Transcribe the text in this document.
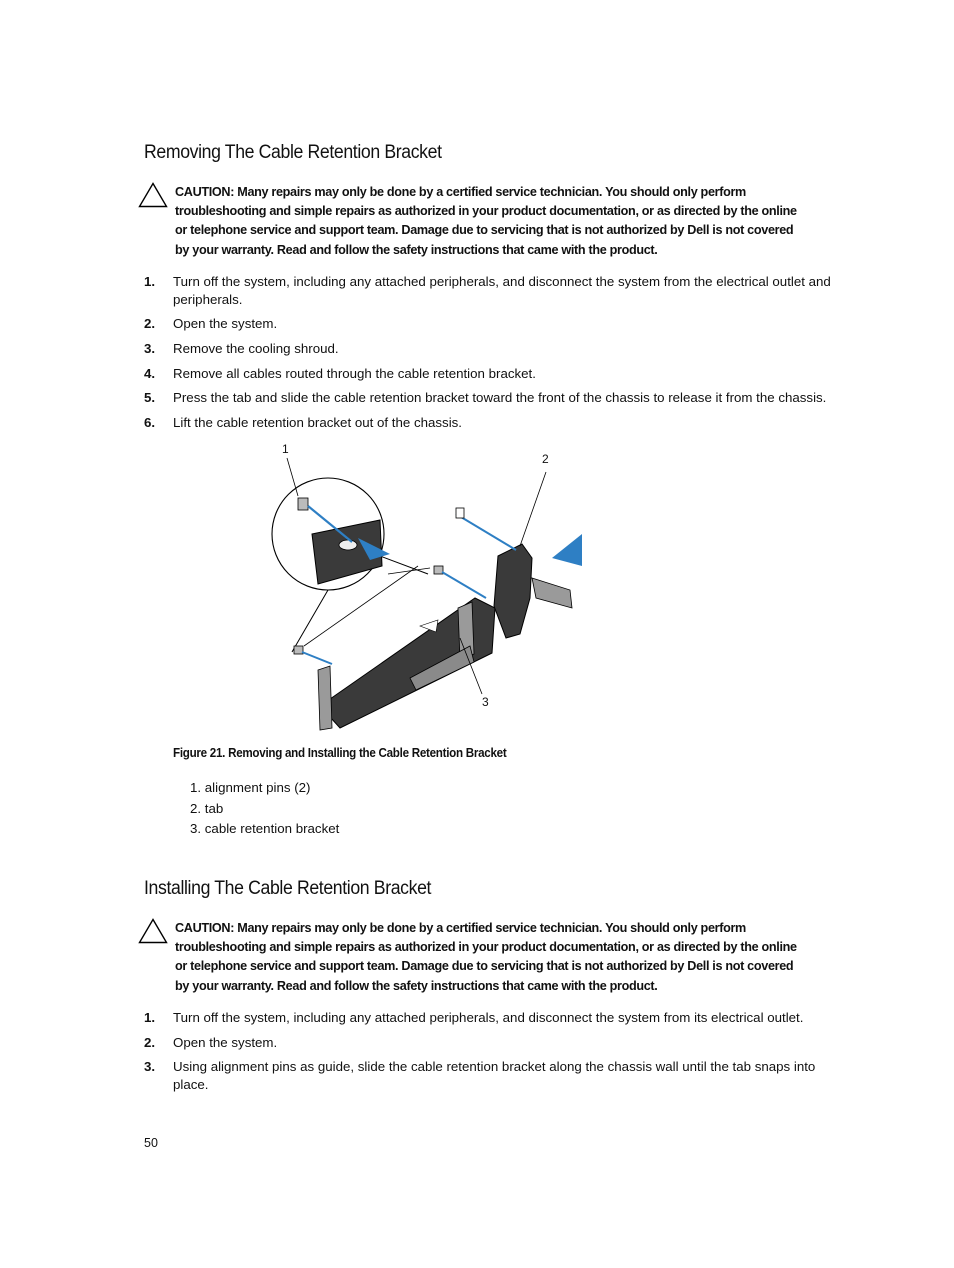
Removing The Cable Retention Bracket
CAUTION: Many repairs may only be done by a certified service technician. You should only perform troubleshooting and simple repairs as authorized in your product documentation, or as directed by the online or telephone service and support team. Damage due to servicing that is not authorized by Dell is not covered by your warranty. Read and follow the safety instructions that came with the product.
1. Turn off the system, including any attached peripherals, and disconnect the system from the electrical outlet and peripherals.
2. Open the system.
3. Remove the cooling shroud.
4. Remove all cables routed through the cable retention bracket.
5. Press the tab and slide the cable retention bracket toward the front of the chassis to release it from the chassis.
6. Lift the cable retention bracket out of the chassis.
1
2
3
Figure 21. Removing and Installing the Cable Retention Bracket
1. alignment pins (2)
2. tab
3. cable retention bracket
Installing The Cable Retention Bracket
CAUTION: Many repairs may only be done by a certified service technician. You should only perform troubleshooting and simple repairs as authorized in your product documentation, or as directed by the online or telephone service and support team. Damage due to servicing that is not authorized by Dell is not covered by your warranty. Read and follow the safety instructions that came with the product.
1. Turn off the system, including any attached peripherals, and disconnect the system from its electrical outlet.
2. Open the system.
3. Using alignment pins as guide, slide the cable retention bracket along the chassis wall until the tab snaps into place.
50
